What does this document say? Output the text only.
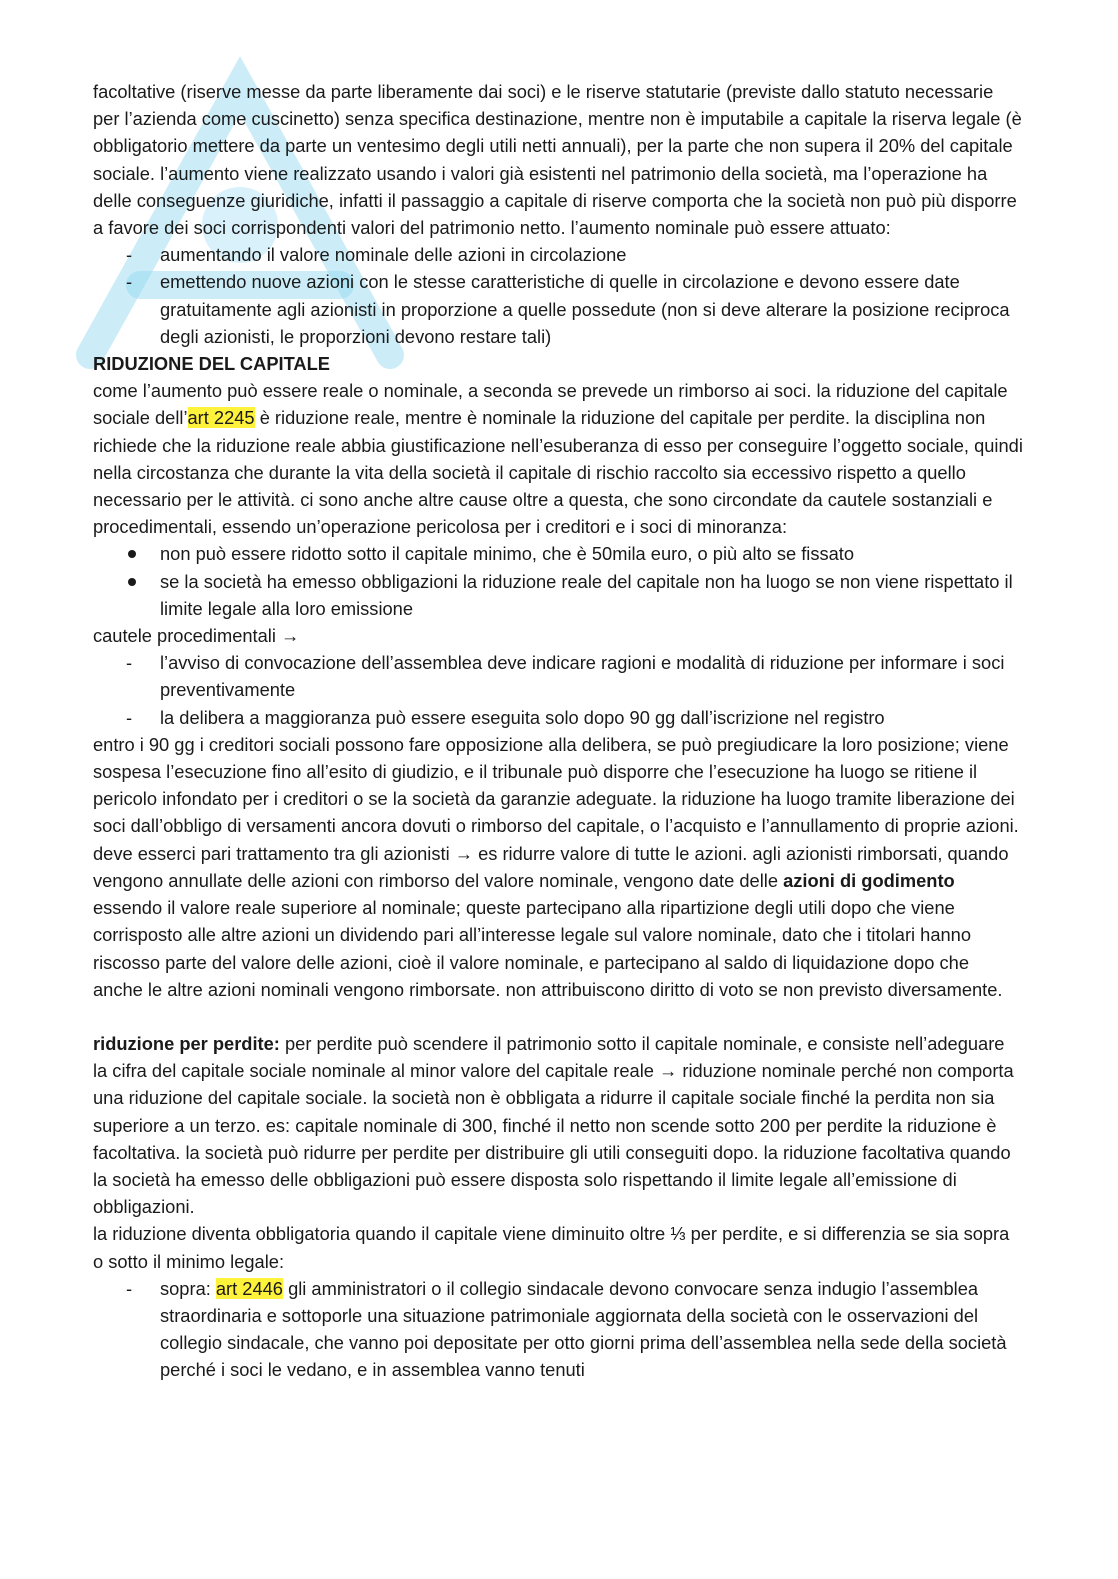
facoltative (riserve messe da parte liberamente dai soci) e le riserve statutarie (previste dallo statuto necessarie per l’azienda come cuscinetto) senza specifica destinazione, mentre non è imputabile a capitale la riserva legale (è obbligatorio mettere da parte un ventesimo degli utili netti annuali), per la parte che non supera il 20% del capitale sociale. l’aumento viene realizzato usando i valori già esistenti nel patrimonio della società, ma l’operazione ha delle conseguenze giuridiche, infatti il passaggio a capitale di riserve comporta che la società non può più disporre a favore dei soci corrispondenti valori del patrimonio netto. l’aumento nominale può essere attuato:

- aumentando il valore nominale delle azioni in circolazione
- emettendo nuove azioni con le stesse caratteristiche di quelle in circolazione e devono essere date gratuitamente agli azionisti in proporzione a quelle possedute (non si deve alterare la posizione reciproca degli azionisti, le proporzioni devono restare tali)

RIDUZIONE DEL CAPITALE

come l’aumento può essere reale o nominale, a seconda se prevede un rimborso ai soci. la riduzione del capitale sociale dell’art 2245 è riduzione reale, mentre è nominale la riduzione del capitale per perdite. la disciplina non richiede che la riduzione reale abbia giustificazione nell’esuberanza di esso per conseguire l’oggetto sociale, quindi nella circostanza che durante la vita della società il capitale di rischio raccolto sia eccessivo rispetto a quello necessario per le attività. ci sono anche altre cause oltre a questa, che sono circondate da cautele sostanziali e procedimentali, essendo un’operazione pericolosa per i creditori e i soci di minoranza:

non può essere ridotto sotto il capitale minimo, che è 50mila euro, o più alto se fissato
se la società ha emesso obbligazioni la riduzione reale del capitale non ha luogo se non viene rispettato il limite legale alla loro emissione

cautele procedimentali →

- l’avviso di convocazione dell’assemblea deve indicare ragioni e modalità di riduzione per informare i soci preventivamente
- la delibera a maggioranza può essere eseguita solo dopo 90 gg dall’iscrizione nel registro

entro i 90 gg i creditori sociali possono fare opposizione alla delibera, se può pregiudicare la loro posizione; viene sospesa l’esecuzione fino all’esito di giudizio, e il tribunale può disporre che l’esecuzione ha luogo se ritiene il pericolo infondato per i creditori o se la società da garanzie adeguate. la riduzione ha luogo tramite liberazione dei soci dall’obbligo di versamenti ancora dovuti o rimborso del capitale, o l’acquisto e l’annullamento di proprie azioni. deve esserci pari trattamento tra gli azionisti → es ridurre valore di tutte le azioni. agli azionisti rimborsati, quando vengono annullate delle azioni con rimborso del valore nominale, vengono date delle azioni di godimento essendo il valore reale superiore al nominale; queste partecipano alla ripartizione degli utili dopo che viene corrisposto alle altre azioni un dividendo pari all’interesse legale sul valore nominale, dato che i titolari hanno riscosso parte del valore delle azioni, cioè il valore nominale, e partecipano al saldo di liquidazione dopo che anche le altre azioni nominali vengono rimborsate. non attribuiscono diritto di voto se non previsto diversamente.

riduzione per perdite: per perdite può scendere il patrimonio sotto il capitale nominale, e consiste nell’adeguare la cifra del capitale sociale nominale al minor valore del capitale reale → riduzione nominale perché non comporta una riduzione del capitale sociale. la società non è obbligata a ridurre il capitale sociale finché la perdita non sia superiore a un terzo. es: capitale nominale di 300, finché il netto non scende sotto 200 per perdite la riduzione è facoltativa. la società può ridurre per perdite per distribuire gli utili conseguiti dopo. la riduzione facoltativa quando la società ha emesso delle obbligazioni può essere disposta solo rispettando il limite legale all’emissione di obbligazioni.

la riduzione diventa obbligatoria quando il capitale viene diminuito oltre ⅓ per perdite, e si differenzia se sia sopra o sotto il minimo legale:

- sopra: art 2446 gli amministratori o il collegio sindacale devono convocare senza indugio l’assemblea straordinaria e sottoporle una situazione patrimoniale aggiornata della società con le osservazioni del collegio sindacale, che vanno poi depositate per otto giorni prima dell’assemblea nella sede della società perché i soci le vedano, e in assemblea vanno tenuti
